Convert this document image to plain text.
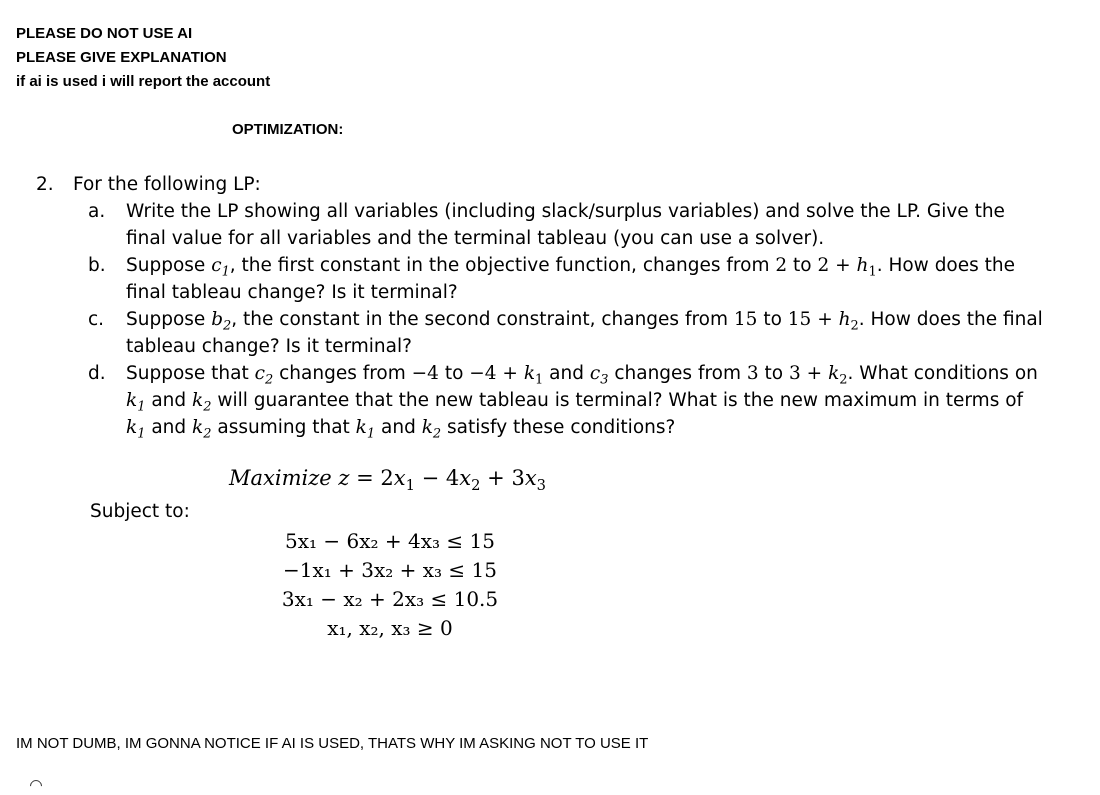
PLEASE DO NOT USE AI
PLEASE GIVE EXPLANATION
if ai is used i will report the account
OPTIMIZATION:
2. For the following LP:
a. Write the LP showing all variables (including slack/surplus variables) and solve the LP. Give the final value for all variables and the terminal tableau (you can use a solver).
b. Suppose $c_1$, the first constant in the objective function, changes from 2 to $2 + h_1$. How does the final tableau change? Is it terminal?
c. Suppose $b_2$, the constant in the second constraint, changes from 15 to $15 + h_2$. How does the final tableau change? Is it terminal?
d. Suppose that $c_2$ changes from −4 to $-4 + k_1$ and $c_3$ changes from 3 to $3 + k_2$. What conditions on $k_1$ and $k_2$ will guarantee that the new tableau is terminal? What is the new maximum in terms of $k_1$ and $k_2$ assuming that $k_1$ and $k_2$ satisfy these conditions?
Maximize $z = 2x_1 - 4x_2 + 3x_3$
Subject to:
5x₁ − 6x₂ + 4x₃ ≤ 15
−1x₁ + 3x₂ + x₃ ≤ 15
3x₁ − x₂ + 2x₃ ≤ 10.5
x₁, x₂, x₃ ≥ 0
IM NOT DUMB, IM GONNA NOTICE IF AI IS USED, THATS WHY IM ASKING NOT TO USE IT
